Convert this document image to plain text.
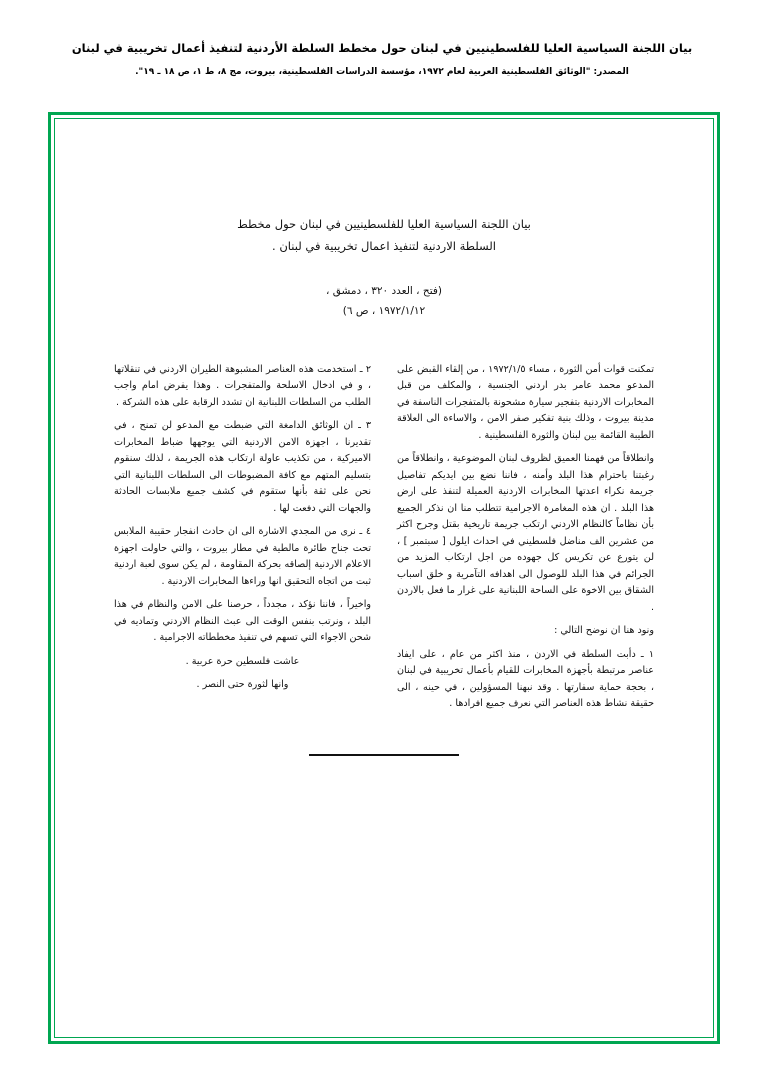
بيان اللجنة السياسية العليا للفلسطينيين في لبنان حول مخطط السلطة الأردنية لتنفيذ أعمال تخريبية في لبنان
المصدر: "الوثائق الفلسطينية العربية لعام ١٩٧٢، مؤسسة الدراسات الفلسطينية، بيروت، مج ٨، ط ١، ص ١٨ ـ ١٩".
بيان اللجنة السياسية العليا للفلسطينيين في لبنان حول مخطط
السلطة الاردنية لتنفيذ اعمال تخريبية في لبنان .
(فتح ، العدد ٣٢٠ ، دمشق ،
١٩٧٢/١/١٢ ، ص ٦)

تمكنت قوات أمن الثورة ، مساء ١٩٧٢/١/٥ ، من إلقاء القبض على المدعو محمد عامر بدر اردني الجنسية ، والمكلف من قبل المخابرات الاردنية بتفجير سيارة مشحونة بالمتفجرات الناسفة في مدينة بيروت ، وذلك بنية تفكير صفر الامن ، والاساءة الى العلاقة الطيبة القائمة بين لبنان والثورة الفلسطينية .

وانطلاقاً من فهمنا العميق لظروف لبنان الموضوعية ، وانطلاقاً من رغبتنا باحترام هذا البلد وأمنه ، فاننا نضع بين ايديكم تفاصيل جريمة نكراء اعدتها المخابرات الاردنية العميلة لتنفذ على ارض هذا البلد . ان هذه المغامرة الاجرامية تتطلب منا ان نذكر الجميع بأن نظاماً كالنظام الاردني ارتكب جريمة تاريخية بقتل وجرح اكثر من عشرين الف مناضل فلسطيني في احداث ايلول [ سبتمبر ] ، لن يتورع عن تكريس كل جهوده من اجل ارتكاب المزيد من الجرائم في هذا البلد للوصول الى اهدافه التآمرية و خلق اسباب الشقاق بين الاخوة على الساحة اللبنانية على غرار ما فعل بالاردن .

ونود هنا ان نوضح التالي :

١ ـ دأبت السلطة في الاردن ، منذ اكثر من عام ، على ايفاد عناصر مرتبطة بأجهزة المخابرات للقيام بأعمال تخريبية في لبنان ، بحجة حماية سفارتها . وقد نبهنا المسؤولين ، في حينه ، الى حقيقة نشاط هذه العناصر التي نعرف جميع افرادها .

٢ ـ استخدمت هذه العناصر المشبوهة الطيران الاردني في تنقلاتها ، و في ادخال الاسلحة والمتفجرات . وهذا يفرض امام واجب الطلب من السلطات اللبنانية ان تشدد الرقابة على هذه الشركة .

٣ ـ ان الوثائق الدامغة التي ضبطت مع المدعو لن تمنح ، في تقديرنا ، اجهزة الامن الاردنية التي يوجهها ضباط المخابرات الاميركية ، من تكذيب عاولة ارتكاب هذه الجريمة ، لذلك سنقوم بتسليم المتهم مع كافة المضبوطات الى السلطات اللبنانية التي نحن على ثقة بأنها ستقوم في كشف جميع ملابسات الحادثة والجهات التي دفعت لها .

٤ ـ نرى من المجدي الاشارة الى ان حادث انفجار حقيبة الملابس تحت جناح طائرة مالطية في مطار بيروت ، والتي حاولت اجهزة الاعلام الاردنية إلصاقه بحركة المقاومة ، لم يكن سوى لعبة اردنية ثبت من اتجاه التحقيق انها وراءها المخابرات الاردنية .

واخيراً ، فاننا نؤكد ، مجدداً ، حرصنا على الامن والنظام في هذا البلد ، ونرتب بنفس الوقت الى عبث النظام الاردني وتماديه في شحن الاجواء التي تسهم في تنفيذ مخططاته الاجرامية .

عاشت فلسطين حرة عربية .

وانها لثورة حتى النصر .
